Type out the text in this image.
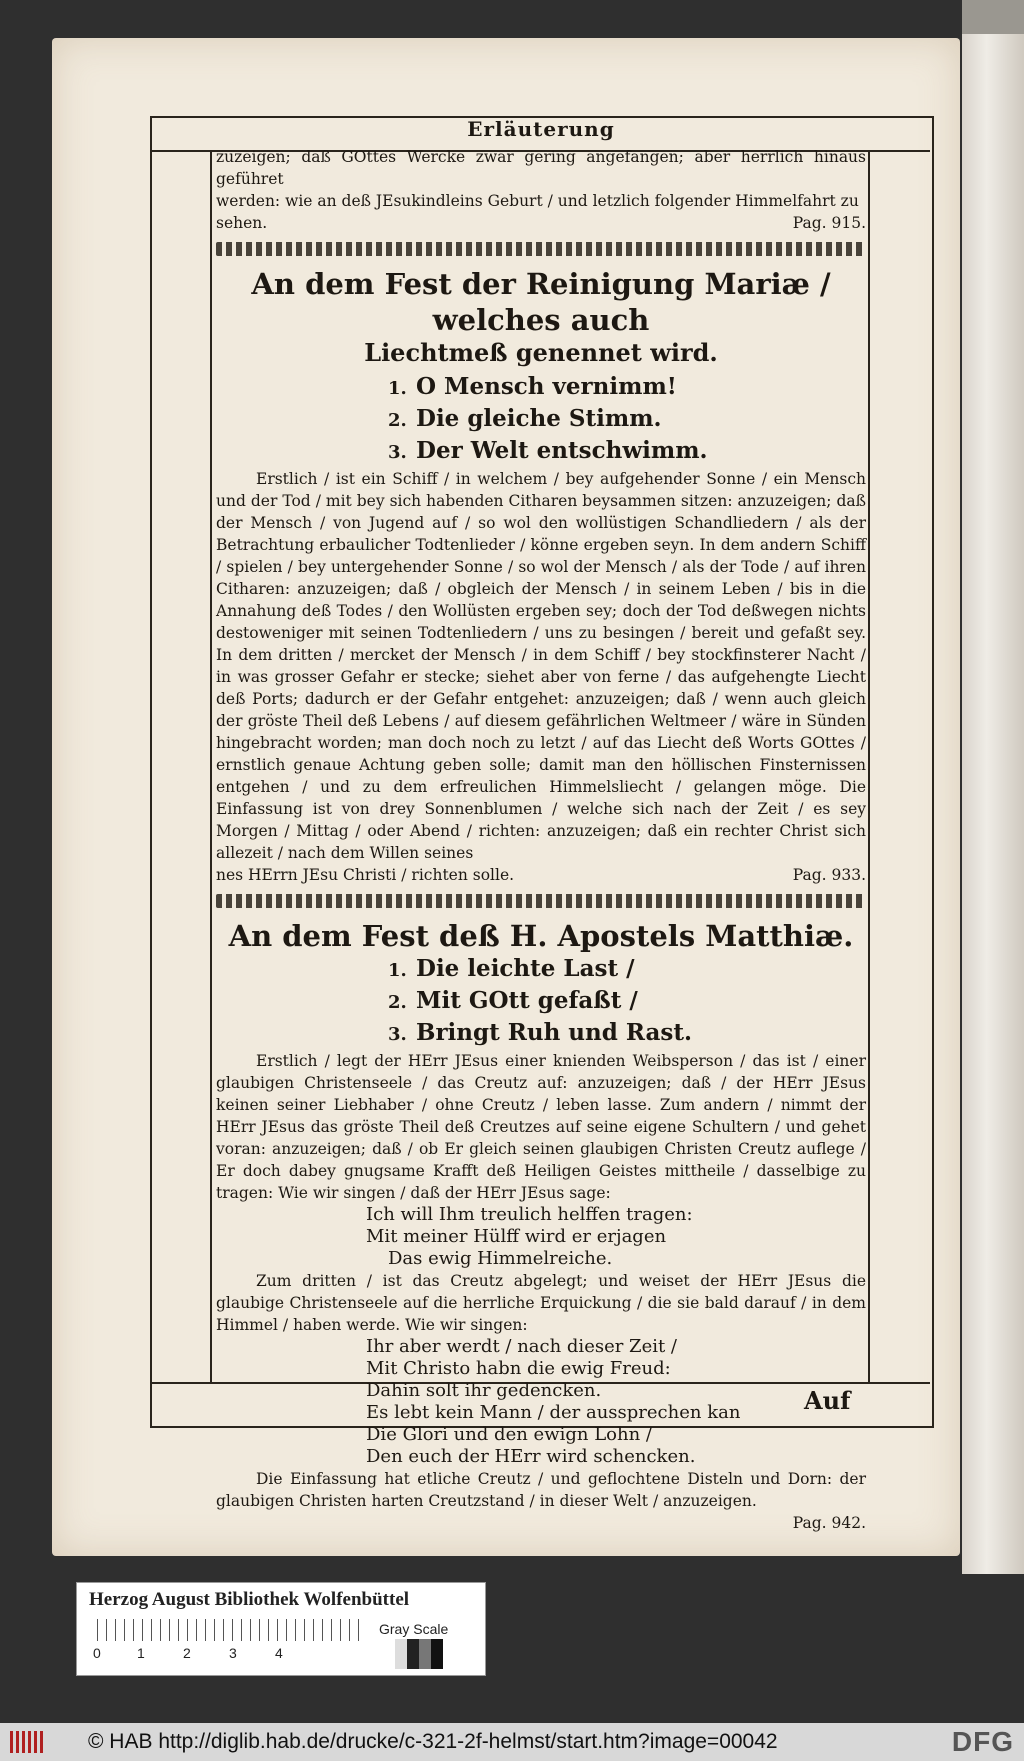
Erläuterung

zuzeigen; daß GOttes Wercke zwar gering angefangen; aber herrlich hinaus geführet

werden: wie an deß JEsukindleins Geburt / und letzlich folgender Himmelfahrt zu

sehen.	Pag. 915.

An dem Fest der Reinigung Mariæ / welches auch

Liechtmeß genennet wird.

1. O Mensch vernimm!

2. Die gleiche Stimm.

3. Der Welt entschwimm.

Erstlich / ist ein Schiff / in welchem / bey aufgehender Sonne / ein Mensch und der Tod / mit bey sich habenden Citharen beysammen sitzen: anzuzeigen; daß der Mensch / von Jugend auf / so wol den wollüstigen Schandliedern / als der Betrachtung erbaulicher Todtenlieder / könne ergeben seyn. In dem andern Schiff / spielen / bey untergehender Sonne / so wol der Mensch / als der Tode / auf ihren Citharen: anzuzeigen; daß / obgleich der Mensch / in seinem Leben / bis in die Annahung deß Todes / den Wollüsten ergeben sey; doch der Tod deßwegen nichts destoweniger mit seinen Todtenliedern / uns zu besingen / bereit und gefaßt sey. In dem dritten / mercket der Mensch / in dem Schiff / bey stockfinsterer Nacht / in was grosser Gefahr er stecke; siehet aber von ferne / das aufgehengte Liecht deß Ports; dadurch er der Gefahr entgehet: anzuzeigen; daß / wenn auch gleich der gröste Theil deß Lebens / auf diesem gefährlichen Weltmeer / wäre in Sünden hingebracht worden; man doch noch zu letzt / auf das Liecht deß Worts GOttes / ernstlich genaue Achtung geben solle; damit man den höllischen Finsternissen entgehen / und zu dem erfreulichen Himmelsliecht / gelangen möge. Die Einfassung ist von drey Sonnenblumen / welche sich nach der Zeit / es sey Morgen / Mittag / oder Abend / richten: anzuzeigen; daß ein rechter Christ sich allezeit / nach dem Willen seines

nes HErrn JEsu Christi / richten solle.	Pag. 933.

An dem Fest deß H. Apostels Matthiæ.

1. Die leichte Last /

2. Mit GOtt gefaßt /

3. Bringt Ruh und Rast.

Erstlich / legt der HErr JEsus einer knienden Weibsperson / das ist / einer glaubigen Christenseele / das Creutz auf: anzuzeigen; daß / der HErr JEsus keinen seiner Liebhaber / ohne Creutz / leben lasse. Zum andern / nimmt der HErr JEsus das gröste Theil deß Creutzes auf seine eigene Schultern / und gehet voran: anzuzeigen; daß / ob Er gleich seinen glaubigen Christen Creutz auflege / Er doch dabey gnugsame Krafft deß Heiligen Geistes mittheile / dasselbige zu tragen: Wie wir singen / daß der HErr JEsus sage:

Ich will Ihm treulich helffen tragen:

Mit meiner Hülff wird er erjagen

Das ewig Himmelreiche.

Zum dritten / ist das Creutz abgelegt; und weiset der HErr JEsus die glaubige Christenseele auf die herrliche Erquickung / die sie bald darauf / in dem Himmel / haben werde. Wie wir singen:

Ihr aber werdt / nach dieser Zeit /

Mit Christo habn die ewig Freud:

Dahin solt ihr gedencken.

Es lebt kein Mann / der aussprechen kan

Die Glori und den ewign Lohn /

Den euch der HErr wird schencken.

Die Einfassung hat etliche Creutz / und geflochtene Disteln und Dorn: der glaubigen Christen harten Creutzstand / in dieser Welt / anzuzeigen.

Pag. 942.
Auf
Herzog August Bibliothek Wolfenbüttel
0	1	2	3	4
Gray Scale
© HAB http://diglib.hab.de/drucke/c-321-2f-helmst/start.htm?image=00042	DFG
